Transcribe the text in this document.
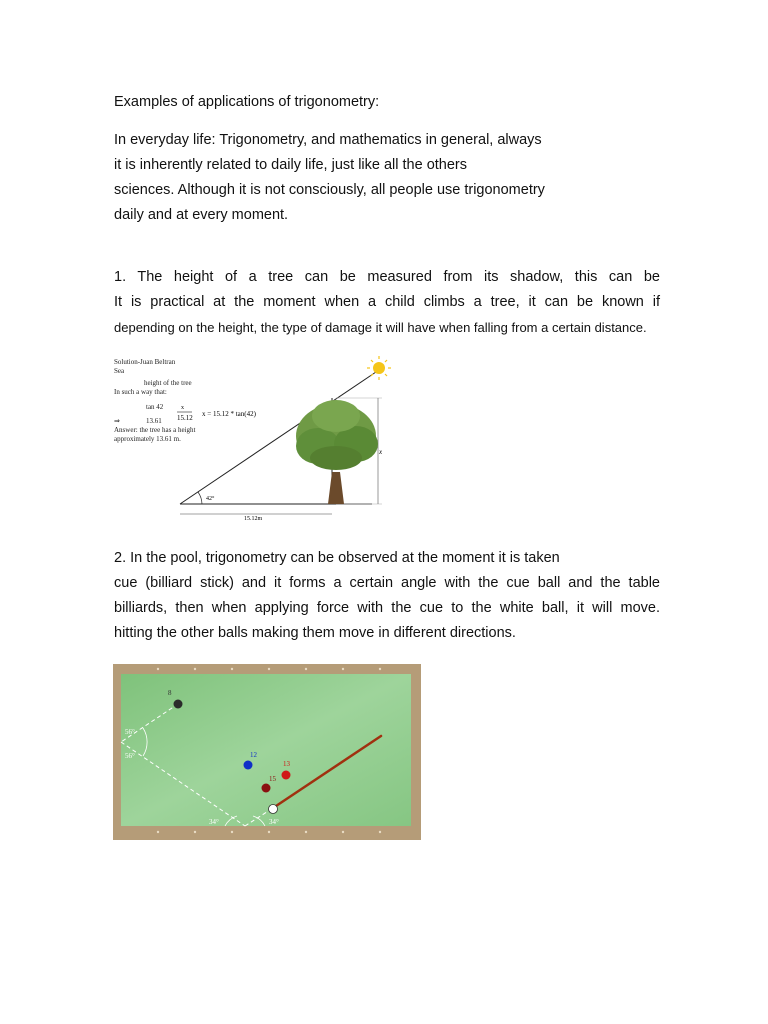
Examples of applications of trigonometry:
In everyday life: Trigonometry, and mathematics in general, always
it is inherently related to daily life, just like all the others
sciences. Although it is not consciously, all people use trigonometry
daily and at every moment.
1. The height of a tree can be measured from its shadow, this can be
It is practical at the moment when a child climbs a tree, it can be known if
depending on the height, the type of damage it will have when falling from a certain distance.
Solution-Juan Beltran
Sea
height of the tree
In such a way that:
tan 42
⇒	13.61
Answer: the tree has a height
approximately 13.61 m.
x
15.12 x = 15.12 * tan(42)
42°
15.12m
x
2. In the pool, trigonometry can be observed at the moment it is taken
cue (billiard stick) and it forms a certain angle with the cue ball and the table
billiards, then when applying force with the cue to the white ball, it will move.
hitting the other balls making them move in different directions.
56°
56°
34°	34°
8
12
13
15
